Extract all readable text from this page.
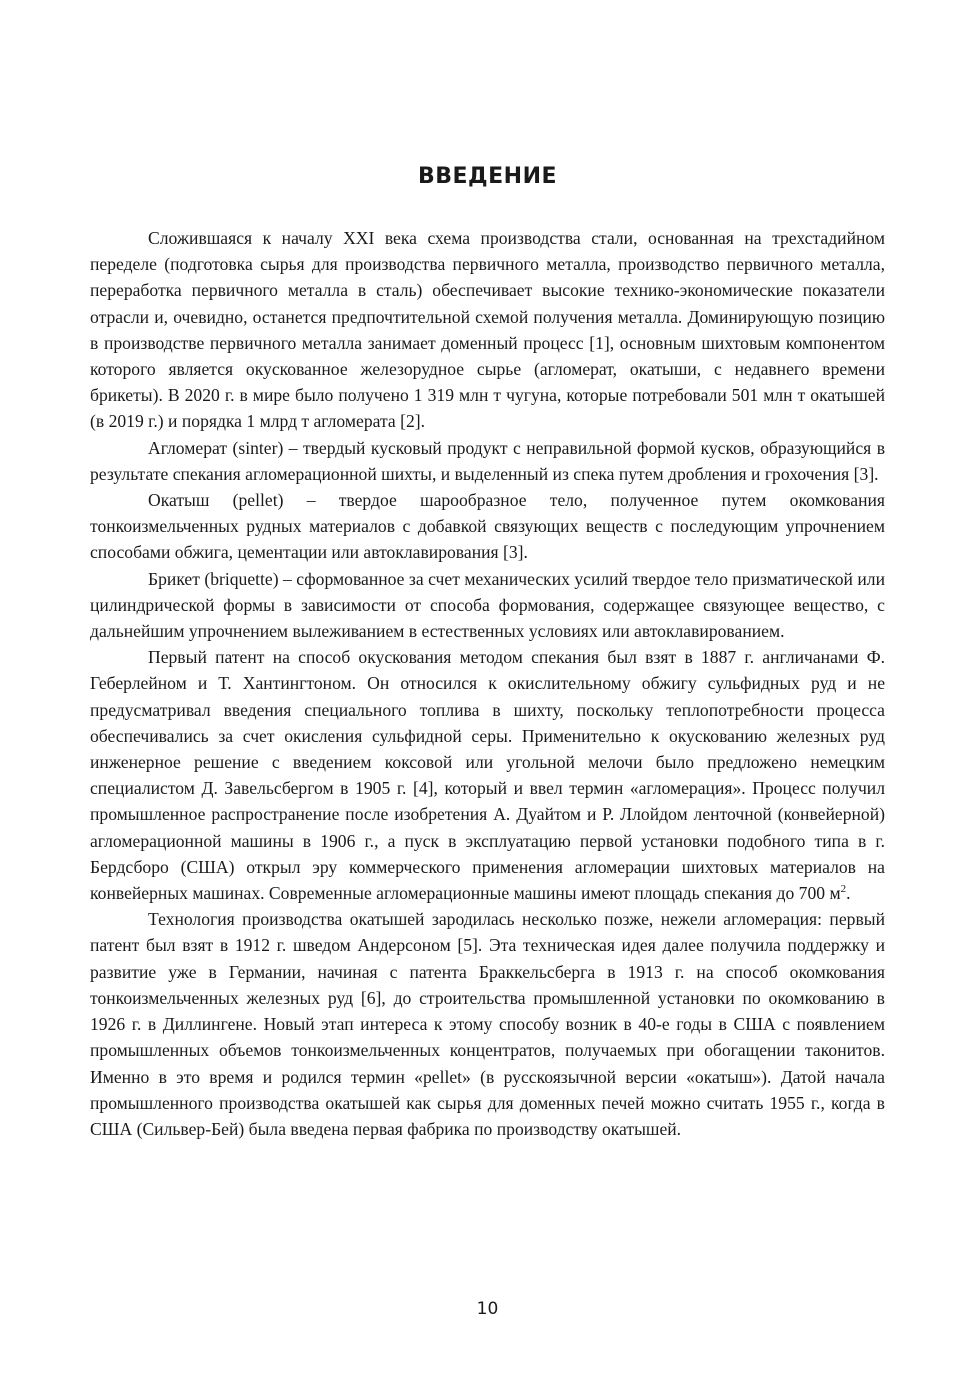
ВВЕДЕНИЕ

Сложившаяся к началу XXI века схема производства стали, основанная на трехстадийном переделе (подготовка сырья для производства первичного металла, производство первичного металла, переработка первичного металла в сталь) обеспечивает высокие технико-экономические показатели отрасли и, очевидно, останется предпочтительной схемой получения металла. Доминирующую позицию в производстве первичного металла занимает доменный процесс [1], основным шихтовым компонентом которого является окускованное железорудное сырье (агломерат, окатыши, с недавнего времени брикеты). В 2020 г. в мире было получено 1 319 млн т чугуна, которые потребовали 501 млн т окатышей (в 2019 г.) и порядка 1 млрд т агломерата [2].

Агломерат (sinter) – твердый кусковый продукт с неправильной формой кусков, образующийся в результате спекания агломерационной шихты, и выделенный из спека путем дробления и грохочения [3].

Окатыш (pellet) – твердое шарообразное тело, полученное путем окомкования тонкоизмельченных рудных материалов с добавкой связующих веществ с последующим упрочнением способами обжига, цементации или автоклавирования [3].

Брикет (briquette) – сформованное за счет механических усилий твердое тело призматической или цилиндрической формы в зависимости от способа формования, содержащее связующее вещество, с дальнейшим упрочнением вылеживанием в естественных условиях или автоклавированием.

Первый патент на способ окускования методом спекания был взят в 1887 г. англичанами Ф. Геберлейном и Т. Хантингтоном. Он относился к окислительному обжигу сульфидных руд и не предусматривал введения специального топлива в шихту, поскольку теплопотребности процесса обеспечивались за счет окисления сульфидной серы. Применительно к окускованию железных руд инженерное решение с введением коксовой или угольной мелочи было предложено немецким специалистом Д. Завельсбергом в 1905 г. [4], который и ввел термин «агломерация». Процесс получил промышленное распространение после изобретения А. Дуайтом и Р. Ллойдом ленточной (конвейерной) агломерационной машины в 1906 г., а пуск в эксплуатацию первой установки подобного типа в г. Бердсборо (США) открыл эру коммерческого применения агломерации шихтовых материалов на конвейерных машинах. Современные агломерационные машины имеют площадь спекания до 700 $м^2$.

Технология производства окатышей зародилась несколько позже, нежели агломерация: первый патент был взят в 1912 г. шведом Андерсоном [5]. Эта техническая идея далее получила поддержку и развитие уже в Германии, начиная с патента Браккельсберга в 1913 г. на способ окомкования тонкоизмельченных железных руд [6], до строительства промышленной установки по окомкованию в 1926 г. в Диллингене. Новый этап интереса к этому способу возник в 40-е годы в США с появлением промышленных объемов тонкоизмельченных концентратов, получаемых при обогащении таконитов. Именно в это время и родился термин «pellet» (в русскоязычной версии «окатыш»). Датой начала промышленного производства окатышей как сырья для доменных печей можно считать 1955 г., когда в США (Сильвер-Бей) была введена первая фабрика по производству окатышей.

10
